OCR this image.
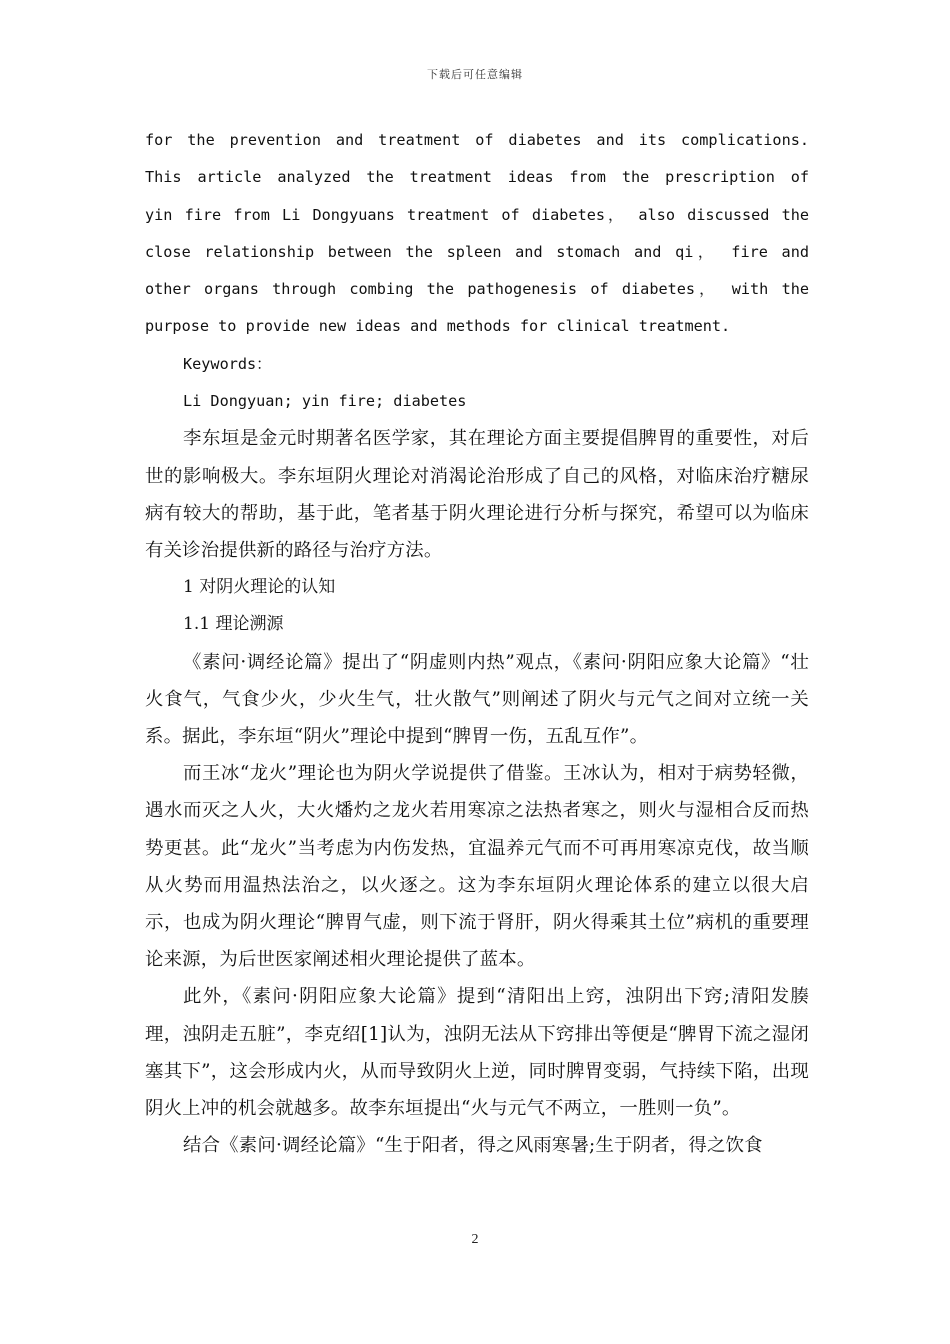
下载后可任意编辑

for the prevention and treatment of diabetes and its complications.

This article analyzed the treatment ideas from the prescription of

yin fire from Li Dongyuans treatment of diabetes， also discussed the

close relationship between the spleen and stomach and qi， fire and

other organs through combing the pathogenesis of diabetes， with the

purpose to provide new ideas and methods for clinical treatment.

Keywords：

Li Dongyuan; yin fire; diabetes

李东垣是金元时期著名医学家，其在理论方面主要提倡脾胃的重要性，对后世的影响极大。李东垣阴火理论对消渴论治形成了自己的风格，对临床治疗糖尿病有较大的帮助，基于此，笔者基于阴火理论进行分析与探究，希望可以为临床有关诊治提供新的路径与治疗方法。

1 对阴火理论的认知

1.1 理论溯源

《素问·调经论篇》提出了“阴虚则内热”观点，《素问·阴阳应象大论篇》“壮火食气，气食少火，少火生气，壮火散气”则阐述了阴火与元气之间对立统一关系。据此，李东垣“阴火”理论中提到“脾胃一伤，五乱互作”。

而王冰“龙火”理论也为阴火学说提供了借鉴。王冰认为，相对于病势轻微，遇水而灭之人火，大火燔灼之龙火若用寒凉之法热者寒之，则火与湿相合反而热势更甚。此“龙火”当考虑为内伤发热，宜温养元气而不可再用寒凉克伐，故当顺从火势而用温热法治之，以火逐之。这为李东垣阴火理论体系的建立以很大启示，也成为阴火理论“脾胃气虚，则下流于肾肝，阴火得乘其土位”病机的重要理论来源，为后世医家阐述相火理论提供了蓝本。

此外，《素问·阴阳应象大论篇》提到“清阳出上窍，浊阴出下窍;清阳发腠理，浊阴走五脏”，李克绍[1]认为，浊阴无法从下窍排出等便是“脾胃下流之湿闭塞其下”，这会形成内火，从而导致阴火上逆，同时脾胃变弱，气持续下陷，出现阴火上冲的机会就越多。故李东垣提出“火与元气不两立，一胜则一负”。

结合《素问·调经论篇》“生于阳者，得之风雨寒暑;生于阴者，得之饮食

2
